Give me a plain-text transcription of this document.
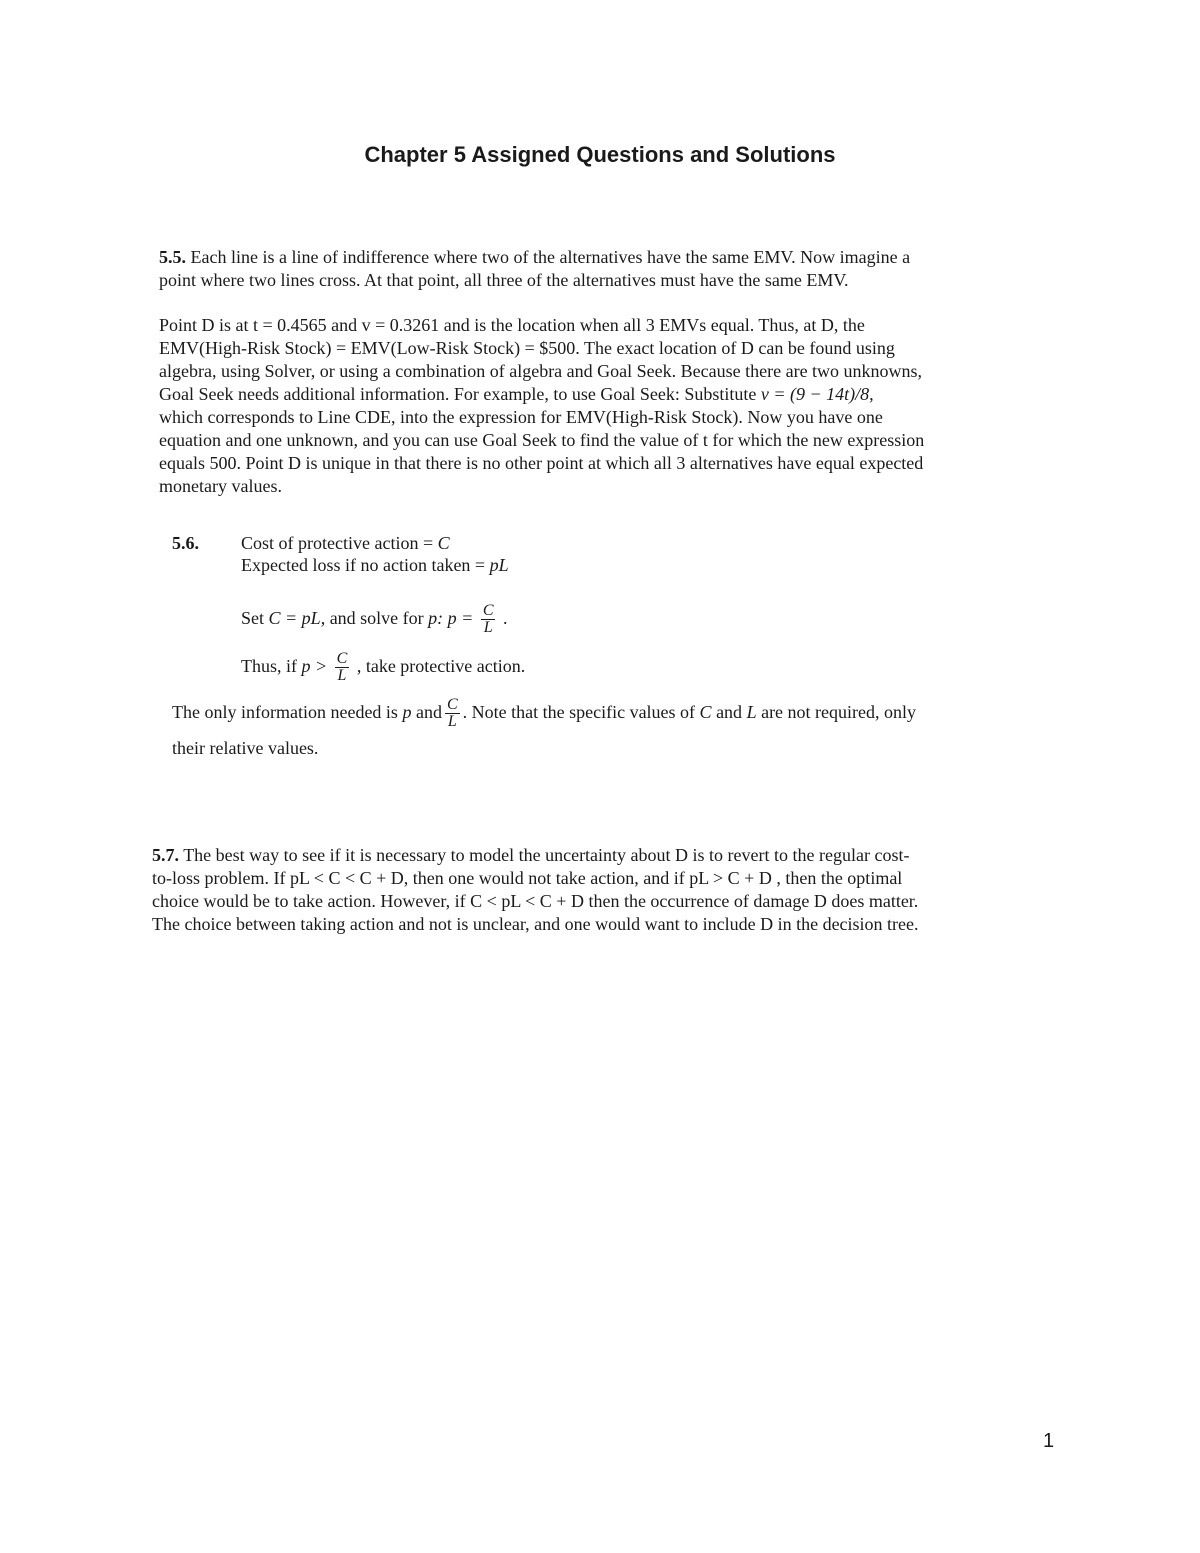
Chapter 5 Assigned Questions and Solutions
5.5. Each line is a line of indifference where two of the alternatives have the same EMV. Now imagine a
point where two lines cross. At that point, all three of the alternatives must have the same EMV.
Point D is at t = 0.4565 and v = 0.3261 and is the location when all 3 EMVs equal. Thus, at D, the
EMV(High-Risk Stock) = EMV(Low-Risk Stock) = $500. The exact location of D can be found using
algebra, using Solver, or using a combination of algebra and Goal Seek. Because there are two unknowns,
Goal Seek needs additional information. For example, to use Goal Seek: Substitute v = (9 − 14t)/8,
which corresponds to Line CDE, into the expression for EMV(High-Risk Stock). Now you have one
equation and one unknown, and you can use Goal Seek to find the value of t for which the new expression
equals 500. Point D is unique in that there is no other point at which all 3 alternatives have equal expected
monetary values.
5.6. Cost of protective action = C
Expected loss if no action taken = pL
Set C = pL, and solve for p: $p = \frac{C}{L}$ .
Thus, if $p > \frac{C}{L}$ , take protective action.
The only information needed is p and $\frac{C}{L}$ . Note that the specific values of C and L are not required, only
their relative values.
5.7. The best way to see if it is necessary to model the uncertainty about D is to revert to the regular cost-
to-loss problem. If pL < C < C + D, then one would not take action, and if pL > C + D , then the optimal
choice would be to take action. However, if C < pL < C + D then the occurrence of damage D does matter.
The choice between taking action and not is unclear, and one would want to include D in the decision tree.
1
